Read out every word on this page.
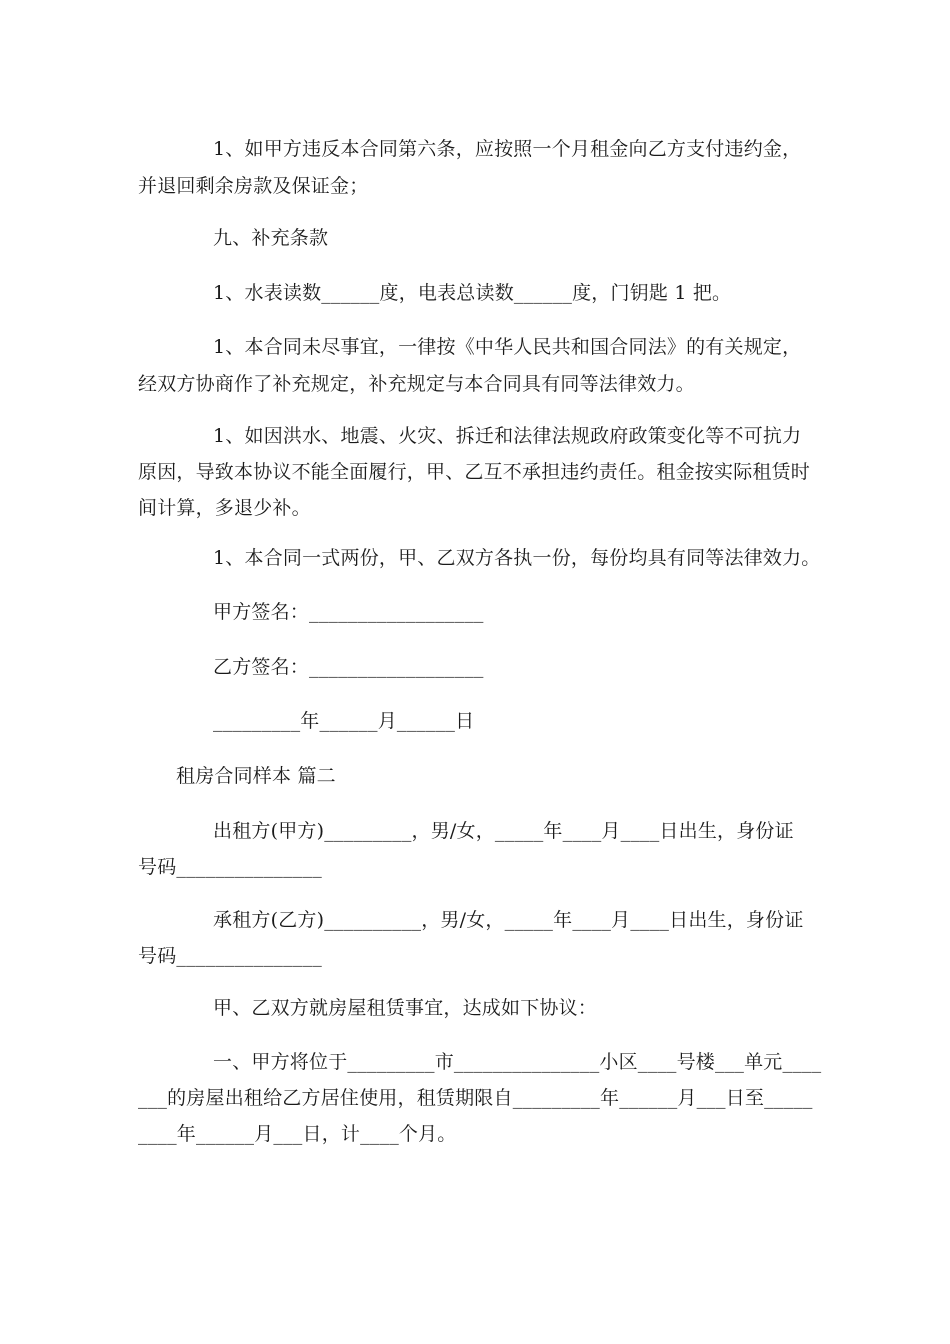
1、如甲方违反本合同第六条，应按照一个月租金向乙方支付违约金，
并退回剩余房款及保证金；
九、补充条款
1、水表读数______度，电表总读数______度，门钥匙 1 把。
1、本合同未尽事宜，一律按《中华人民共和国合同法》的有关规定，
经双方协商作了补充规定，补充规定与本合同具有同等法律效力。
1、如因洪水、地震、火灾、拆迁和法律法规政府政策变化等不可抗力
原因，导致本协议不能全面履行，甲、乙互不承担违约责任。租金按实际租赁时
间计算，多退少补。
1、本合同一式两份，甲、乙双方各执一份，每份均具有同等法律效力。
甲方签名：__________________
乙方签名：__________________
_________年______月______日
租房合同样本 篇二
出租方(甲方)_________，男/女，_____年____月____日出生，身份证
号码_______________
承租方(乙方)__________，男/女，_____年____月____日出生，身份证
号码_______________
甲、乙双方就房屋租赁事宜，达成如下协议：
一、甲方将位于_________市_______________小区____号楼___单元____
___的房屋出租给乙方居住使用，租赁期限自_________年______月___日至_____
____年______月___日，计____个月。
